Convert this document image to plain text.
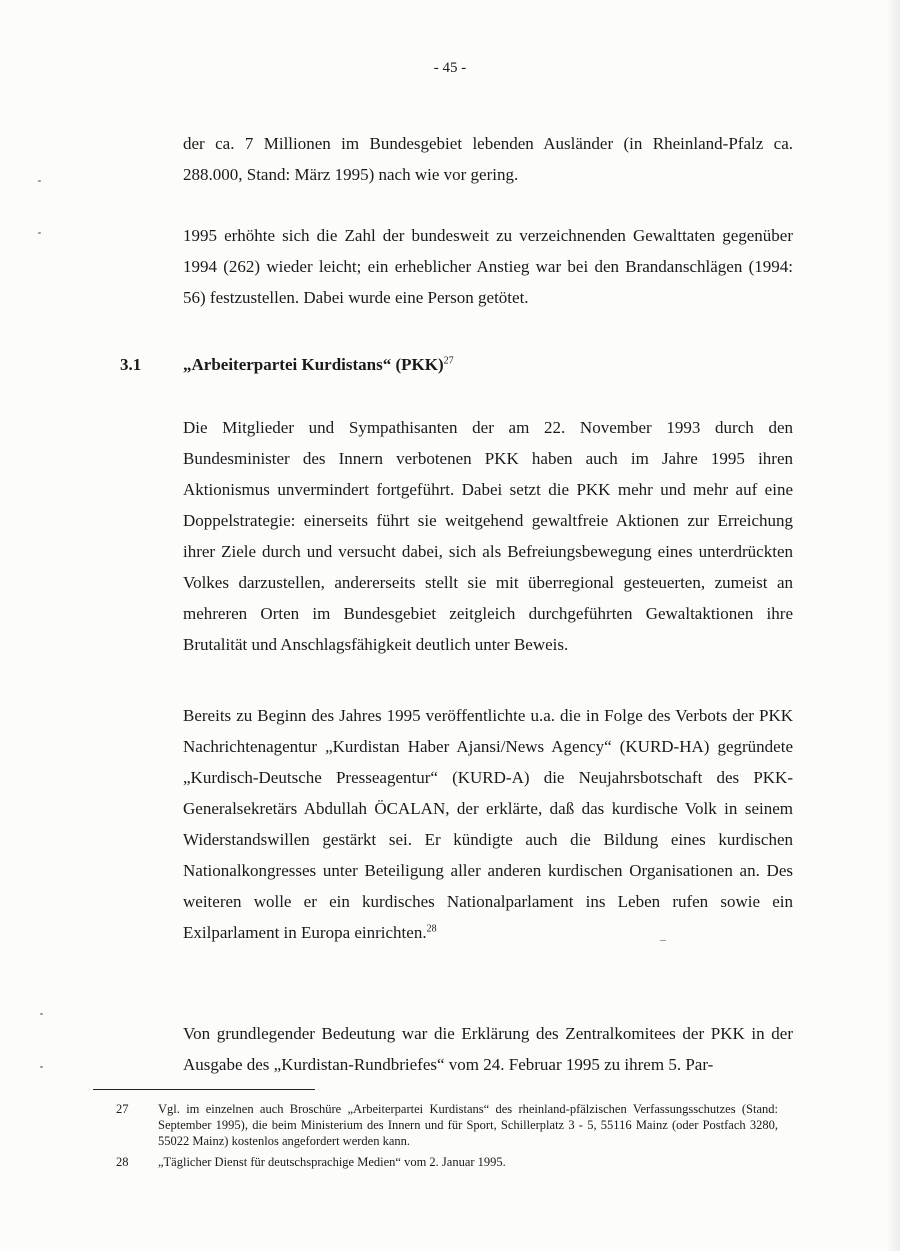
- 45 -

der ca. 7 Millionen im Bundesgebiet lebenden Ausländer (in Rheinland-Pfalz ca. 288.000, Stand: März 1995) nach wie vor gering.

1995 erhöhte sich die Zahl der bundesweit zu verzeichnenden Gewalttaten gegenüber 1994 (262) wieder leicht; ein erheblicher Anstieg war bei den Brandanschlägen (1994: 56) festzustellen. Dabei wurde eine Person getötet.

3.1 „Arbeiterpartei Kurdistans“ (PKK)$^{27}$

Die Mitglieder und Sympathisanten der am 22. November 1993 durch den Bundesminister des Innern verbotenen PKK haben auch im Jahre 1995 ihren Aktionismus unvermindert fortgeführt. Dabei setzt die PKK mehr und mehr auf eine Doppelstrategie: einerseits führt sie weitgehend gewaltfreie Aktionen zur Erreichung ihrer Ziele durch und versucht dabei, sich als Befreiungsbewegung eines unterdrückten Volkes darzustellen, andererseits stellt sie mit überregional gesteuerten, zumeist an mehreren Orten im Bundesgebiet zeitgleich durchgeführten Gewaltaktionen ihre Brutalität und Anschlagsfähigkeit deutlich unter Beweis.

Bereits zu Beginn des Jahres 1995 veröffentlichte u.a. die in Folge des Verbots der PKK Nachrichtenagentur „Kurdistan Haber Ajansi/News Agency“ (KURD-HA) gegründete „Kurdisch-Deutsche Presseagentur“ (KURD-A) die Neujahrsbotschaft des PKK-Generalsekretärs Abdullah ÖCALAN, der erklärte, daß das kurdische Volk in seinem Widerstandswillen gestärkt sei. Er kündigte auch die Bildung eines kurdischen Nationalkongresses unter Beteiligung aller anderen kurdischen Organisationen an. Des weiteren wolle er ein kurdisches Nationalparlament ins Leben rufen sowie ein Exilparlament in Europa einrichten.$^{28}$

Von grundlegender Bedeutung war die Erklärung des Zentralkomitees der PKK in der Ausgabe des „Kurdistan-Rundbriefes“ vom 24. Februar 1995 zu ihrem 5. Par-

27	Vgl. im einzelnen auch Broschüre „Arbeiterpartei Kurdistans“ des rheinland-pfälzischen Verfassungsschutzes (Stand: September 1995), die beim Ministerium des Innern und für Sport, Schillerplatz 3 - 5, 55116 Mainz (oder Postfach 3280, 55022 Mainz) kostenlos angefordert werden kann.
28	„Täglicher Dienst für deutschsprachige Medien“ vom 2. Januar 1995.
